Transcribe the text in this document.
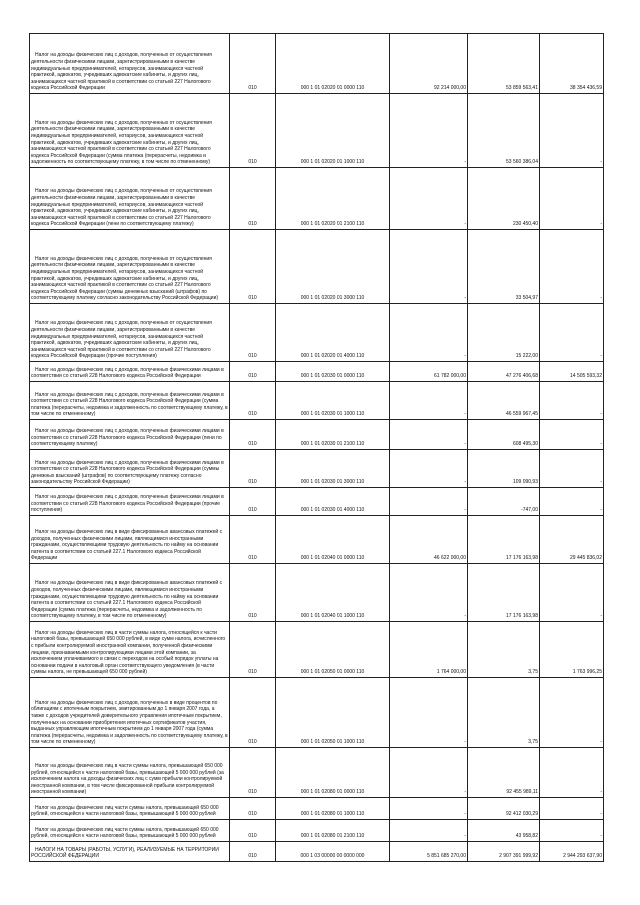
Налог на доходы физических лиц с доходов, полученных от осуществления деятельности физическими лицами, зарегистрированными в качестве индивидуальных предпринимателей, нотариусов, занимающихся частной практикой, адвокатов, учредивших адвокатские кабинеты, и других лиц, занимающихся частной практикой в соответствии со статьей 227 Налогового кодекса Российской Федерации	010	000 1 01 02020 01 0000 110	92 214 000,00	53 859 563,41	38 354 436,59

Налог на доходы физических лиц с доходов, полученных от осуществления деятельности физическими лицами, зарегистрированными в качестве индивидуальных предпринимателей, нотариусов, занимающихся частной практикой, адвокатов, учредивших адвокатские кабинеты, и других лиц, занимающихся частной практикой в соответствии со статьей 227 Налогового кодекса Российской Федерации (сумма платежа (перерасчеты, недоимка и задолженность по соответствующему платежу, в том числе по отмененному)	010	000 1 01 02020 01 1000 110	-	53 560 386,04	-

Налог на доходы физических лиц с доходов, полученных от осуществления деятельности физическими лицами, зарегистрированными в качестве индивидуальных предпринимателей, нотариусов, занимающихся частной практикой, адвокатов, учредивших адвокатские кабинеты, и других лиц, занимающихся частной практикой в соответствии со статьей 227 Налогового кодекса Российской Федерации (пени по соответствующему платежу)	010	000 1 01 02020 01 2100 110	-	230 450,40	-

Налог на доходы физических лиц с доходов, полученных от осуществления деятельности физическими лицами, зарегистрированными в качестве индивидуальных предпринимателей, нотариусов, занимающихся частной практикой, адвокатов, учредивших адвокатские кабинеты, и других лиц, занимающихся частной практикой в соответствии со статьей 227 Налогового кодекса Российской Федерации (суммы денежных взысканий (штрафов) по соответствующему платежу согласно законодательству Российской Федерации)	010	000 1 01 02020 01 3000 110	-	33 504,97	-

Налог на доходы физических лиц с доходов, полученных от осуществления деятельности физическими лицами, зарегистрированными в качестве индивидуальных предпринимателей, нотариусов, занимающихся частной практикой, адвокатов, учредивших адвокатские кабинеты, и других лиц, занимающихся частной практикой в соответствии со статьей 227 Налогового кодекса Российской Федерации (прочие поступления)	010	000 1 01 02020 01 4000 110	-	15 222,00	-

Налог на доходы физических лиц с доходов, полученных физическими лицами в соответствии со статьей 228 Налогового кодекса Российской Федерации	010	000 1 01 02030 01 0000 110	61 782 000,00	47 276 406,68	14 505 593,32

Налог на доходы физических лиц с доходов, полученных физическими лицами в соответствии со статьей 228 Налогового кодекса Российской Федерации (сумма платежа (перерасчеты, недоимка и задолженность по соответствующему платежу, в том числе по отмененному)	010	000 1 01 02030 01 1000 110	-	46 559 967,45	-

Налог на доходы физических лиц с доходов, полученных физическими лицами в соответствии со статьей 228 Налогового кодекса Российской Федерации (пени по соответствующему платежу)	010	000 1 01 02030 01 2100 110	-	608 495,30	-

Налог на доходы физических лиц с доходов, полученных физическими лицами в соответствии со статьей 228 Налогового кодекса Российской Федерации (суммы денежных взысканий (штрафов) по соответствующему платежу согласно законодательству Российской Федерации)	010	000 1 01 02030 01 3000 110	-	109 090,93	-

Налог на доходы физических лиц с доходов, полученных физическими лицами в соответствии со статьей 228 Налогового кодекса Российской Федерации (прочие поступления)	010	000 1 01 02030 01 4000 110	-	-747,00	-

Налог на доходы физических лиц в виде фиксированных авансовых платежей с доходов, полученных физическими лицами, являющимися иностранными гражданами, осуществляющими трудовую деятельность по найму на основании патента в соответствии со статьей 227.1 Налогового кодекса Российской Федерации	010	000 1 01 02040 01 0000 110	46 622 000,00	17 176 163,98	29 445 836,02

Налог на доходы физических лиц в виде фиксированных авансовых платежей с доходов, полученных физическими лицами, являющимися иностранными гражданами, осуществляющими трудовую деятельность по найму на основании патента в соответствии со статьей 227.1 Налогового кодекса Российской Федерации (сумма платежа (перерасчеты, недоимка и задолженность по соответствующему платежу, в том числе по отмененному)	010	000 1 01 02040 01 1000 110	-	17 176 163,98	-

Налог на доходы физических лиц в части суммы налога, относящейся к части налоговой базы, превышающей 650 000 рублей, в виде сумм налога, исчисленного с прибыли контролируемой иностранной компании, полученной физическими лицами, признаваемыми контролирующими лицами этой компании, за исключением уплачиваемого в связи с переходом на особый порядок уплаты на основании подачи в налоговый орган соответствующего уведомления (в части суммы налога, не превышающей 650 000 рублей)	010	000 1 01 02050 01 0000 110	1 764 000,00	3,75	1 763 996,25

Налог на доходы физических лиц с доходов, полученных в виде процентов по облигациям с ипотечным покрытием, эмитированным до 1 января 2007 года, а также с доходов учредителей доверительного управления ипотечным покрытием, полученных на основании приобретения ипотечных сертификатов участия, выданных управляющим ипотечным покрытием до 1 января 2007 года (сумма платежа (перерасчеты, недоимка и задолженность по соответствующему платежу, в том числе по отмененному)	010	000 1 01 02050 01 1000 110	-	3,75	-

Налог на доходы физических лиц в части суммы налога, превышающей 650 000 рублей, относящейся к части налоговой базы, превышающей 5 000 000 рублей (за исключением налога на доходы физических лиц с сумм прибыли контролируемой иностранной компании, в том числе фиксированной прибыли контролируемой иностранной компании)	010	000 1 01 02080 01 0000 110	-	92 455 989,11	-

Налог на доходы физических лиц части суммы налога, превышающей 650 000 рублей, относящейся к части налоговой базы, превышающей 5 000 000 рублей	010	000 1 01 02080 01 1000 110	-	92 412 030,29	-

Налог на доходы физических лиц части суммы налога, превышающей 650 000 рублей, относящейся к части налоговой базы, превышающей 5 000 000 рублей	010	000 1 01 02080 01 2100 110	-	43 958,82	-

НАЛОГИ НА ТОВАРЫ (РАБОТЫ, УСЛУГИ), РЕАЛИЗУЕМЫЕ НА ТЕРРИТОРИИ РОССИЙСКОЙ ФЕДЕРАЦИИ	010	000 1 03 00000 00 0000 000	5 851 685 270,00	2 907 391 999,92	2 944 293 637,90
